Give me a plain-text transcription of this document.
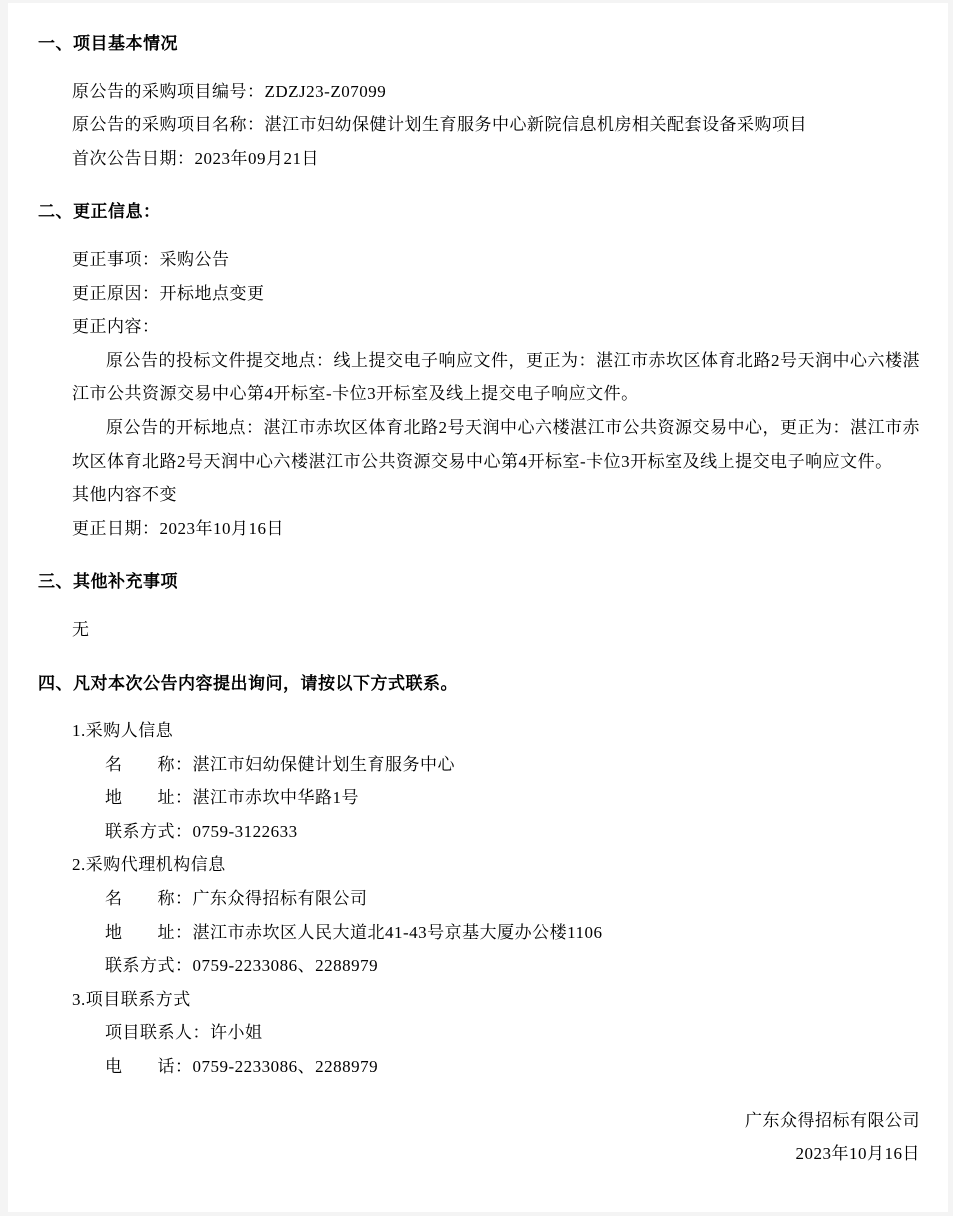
一、项目基本情况

原公告的采购项目编号：ZDZJ23-Z07099

原公告的采购项目名称：湛江市妇幼保健计划生育服务中心新院信息机房相关配套设备采购项目

首次公告日期：2023年09月21日

二、更正信息：

更正事项：采购公告

更正原因：开标地点变更

更正内容：

原公告的投标文件提交地点：线上提交电子响应文件，更正为：湛江市赤坎区体育北路2号天润中心六楼湛江市公共资源交易中心第4开标室-卡位3开标室及线上提交电子响应文件。

原公告的开标地点：湛江市赤坎区体育北路2号天润中心六楼湛江市公共资源交易中心，更正为：湛江市赤坎区体育北路2号天润中心六楼湛江市公共资源交易中心第4开标室-卡位3开标室及线上提交电子响应文件。

其他内容不变

更正日期：2023年10月16日

三、其他补充事项

无

四、凡对本次公告内容提出询问，请按以下方式联系。

1.采购人信息

名　　称：湛江市妇幼保健计划生育服务中心

地　　址：湛江市赤坎中华路1号

联系方式：0759-3122633

2.采购代理机构信息

名　　称：广东众得招标有限公司

地　　址：湛江市赤坎区人民大道北41-43号京基大厦办公楼1106

联系方式：0759-2233086、2288979

3.项目联系方式

项目联系人：许小姐

电　　话：0759-2233086、2288979

广东众得招标有限公司

2023年10月16日
